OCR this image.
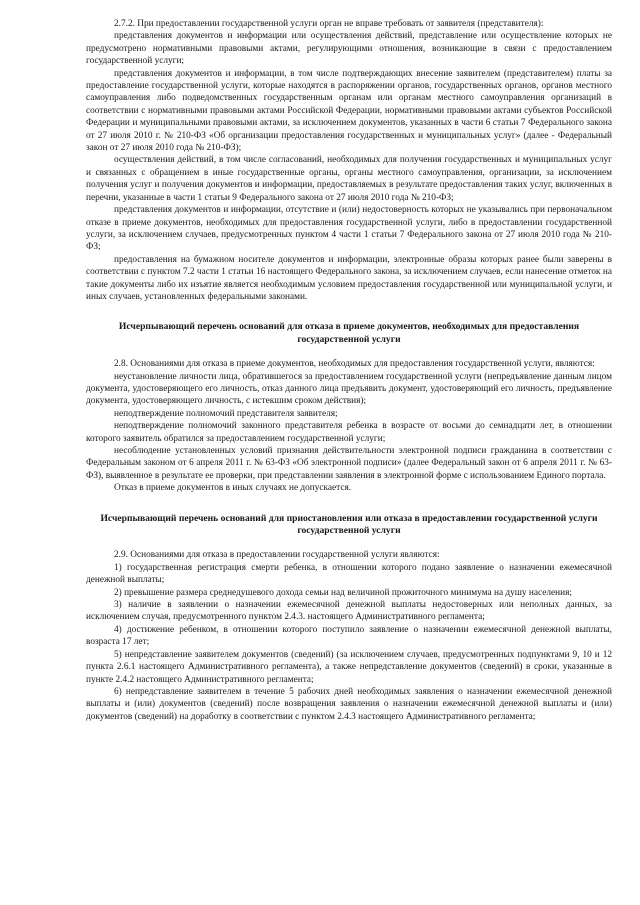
2.7.2. При предоставлении государственной услуги орган не вправе требовать от заявителя (представителя):

представления документов и информации или осуществления действий, представление или осуществление которых не предусмотрено нормативными правовыми актами, регулирующими отношения, возникающие в связи с предоставлением государственной услуги;

представления документов и информации, в том числе подтверждающих внесение заявителем (представителем) платы за предоставление государственной услуги, которые находятся в распоряжении органов, государственных органов, органов местного самоуправления либо подведомственных государственным органам или органам местного самоуправления организаций в соответствии с нормативными правовыми актами Российской Федерации, нормативными правовыми актами субъектов Российской Федерации и муниципальными правовыми актами, за исключением документов, указанных в части 6 статьи 7 Федерального закона от 27 июля 2010 г. № 210-ФЗ «Об организации предоставления государственных и муниципальных услуг» (далее - Федеральный закон от 27 июля 2010 года № 210-ФЗ);

осуществления действий, в том числе согласований, необходимых для получения государственных и муниципальных услуг и связанных с обращением в иные государственные органы, органы местного самоуправления, организации, за исключением получения услуг и получения документов и информации, предоставляемых в результате предоставления таких услуг, включенных в перечни, указанные в части 1 статьи 9 Федерального закона от 27 июля 2010 года № 210-ФЗ;

представления документов и информации, отсутствие и (или) недостоверность которых не указывались при первоначальном отказе в приеме документов, необходимых для предоставления государственной услуги, либо в предоставлении государственной услуги, за исключением случаев, предусмотренных пунктом 4 части 1 статьи 7 Федерального закона от 27 июля 2010 года № 210-ФЗ;

предоставления на бумажном носителе документов и информации, электронные образы которых ранее были заверены в соответствии с пунктом 7.2 части 1 статьи 16 настоящего Федерального закона, за исключением случаев, если нанесение отметок на такие документы либо их изъятие является необходимым условием предоставления государственной или муниципальной услуги, и иных случаев, установленных федеральными законами.

Исчерпывающий перечень оснований для отказа в приеме документов, необходимых для предоставления государственной услуги

2.8. Основаниями для отказа в приеме документов, необходимых для предоставления государственной услуги, являются:

неустановление личности лица, обратившегося за предоставлением государственной услуги (непредъявление данным лицом документа, удостоверяющего его личность, отказ данного лица предъявить документ, удостоверяющий его личность, предъявление документа, удостоверяющего личность, с истекшим сроком действия);

неподтверждение полномочий представителя заявителя;

неподтверждение полномочий законного представителя ребенка в возрасте от восьми до семнадцати лет, в отношении которого заявитель обратился за предоставлением государственной услуги;

несоблюдение установленных условий признания действительности электронной подписи гражданина в соответствии с Федеральным законом от 6 апреля 2011 г. № 63-ФЗ «Об электронной подписи» (далее Федеральный закон от 6 апреля 2011 г. № 63-ФЗ), выявленное в результате ее проверки, при представлении заявления в электронной форме с использованием Единого портала.

Отказ в приеме документов в иных случаях не допускается.

Исчерпывающий перечень оснований для приостановления или отказа в предоставлении государственной услуги государственной услуги

2.9. Основаниями для отказа в предоставлении государственной услуги являются:

1) государственная регистрация смерти ребенка, в отношении которого подано заявление о назначении ежемесячной денежной выплаты;

2) превышение размера среднедушевого дохода семьи над величиной прожиточного минимума на душу населения;

3) наличие в заявлении о назначении ежемесячной денежной выплаты недостоверных или неполных данных, за исключением случая, предусмотренного пунктом 2.4.3. настоящего Административного регламента;

4) достижение ребенком, в отношении которого поступило заявление о назначении ежемесячной денежной выплаты, возраста 17 лет;

5) непредставление заявителем документов (сведений) (за исключением случаев, предусмотренных подпунктами 9, 10 и 12 пункта 2.6.1 настоящего Административного регламента), а также непредставление документов (сведений) в сроки, указанные в пункте 2.4.2 настоящего Административного регламента;

6) непредставление заявителем в течение 5 рабочих дней необходимых заявления о назначении ежемесячной денежной выплаты и (или) документов (сведений) после возвращения заявления о назначении ежемесячной денежной выплаты и (или) документов (сведений) на доработку в соответствии с пунктом 2.4.3 настоящего Административного регламента;
